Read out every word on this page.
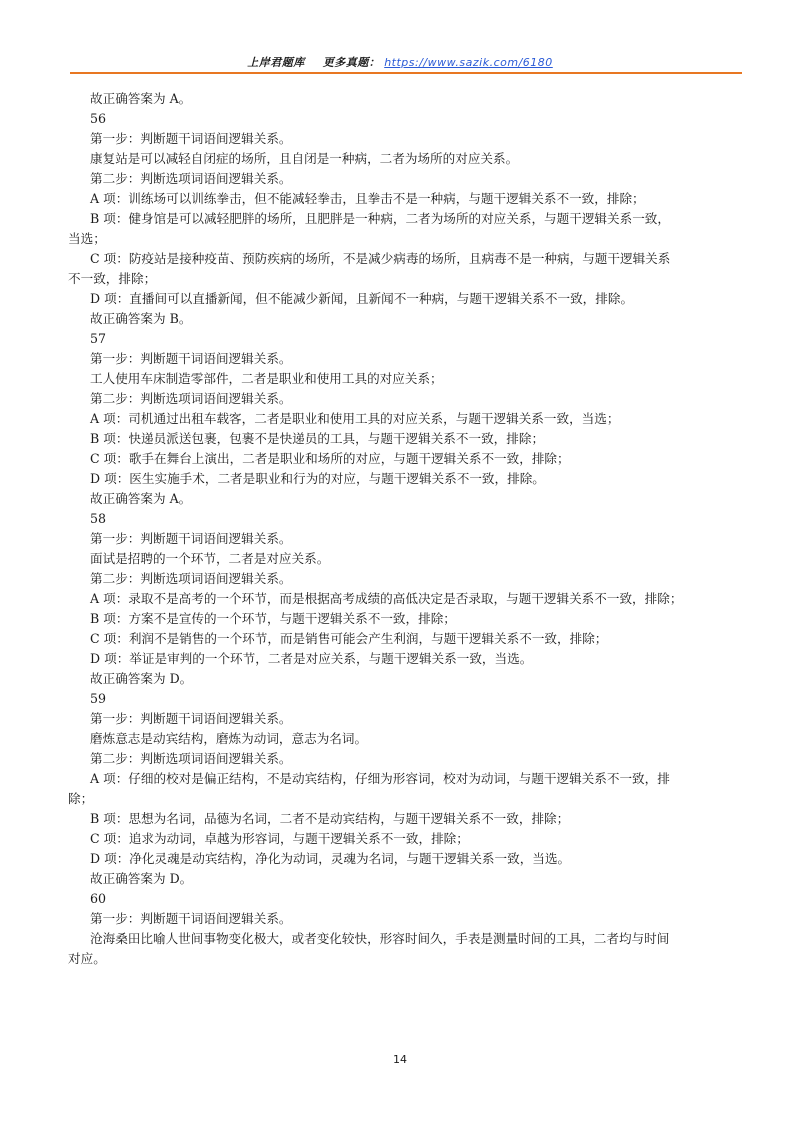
上岸君题库 更多真题： https://www.sazik.com/6180
故正确答案为 A。
56
第一步：判断题干词语间逻辑关系。
康复站是可以减轻自闭症的场所，且自闭是一种病，二者为场所的对应关系。
第二步：判断选项词语间逻辑关系。
A 项：训练场可以训练拳击，但不能减轻拳击，且拳击不是一种病，与题干逻辑关系不一致，排除；
B 项：健身馆是可以减轻肥胖的场所，且肥胖是一种病，二者为场所的对应关系，与题干逻辑关系一致，
当选；
C 项：防疫站是接种疫苗、预防疾病的场所，不是减少病毒的场所，且病毒不是一种病，与题干逻辑关系
不一致，排除；
D 项：直播间可以直播新闻，但不能减少新闻，且新闻不一种病，与题干逻辑关系不一致，排除。
故正确答案为 B。
57
第一步：判断题干词语间逻辑关系。
工人使用车床制造零部件，二者是职业和使用工具的对应关系；
第二步：判断选项词语间逻辑关系。
A 项：司机通过出租车载客，二者是职业和使用工具的对应关系，与题干逻辑关系一致，当选；
B 项：快递员派送包裹，包裹不是快递员的工具，与题干逻辑关系不一致，排除；
C 项：歌手在舞台上演出，二者是职业和场所的对应，与题干逻辑关系不一致，排除；
D 项：医生实施手术，二者是职业和行为的对应，与题干逻辑关系不一致，排除。
故正确答案为 A。
58
第一步：判断题干词语间逻辑关系。
面试是招聘的一个环节，二者是对应关系。
第二步：判断选项词语间逻辑关系。
A 项：录取不是高考的一个环节，而是根据高考成绩的高低决定是否录取，与题干逻辑关系不一致，排除；
B 项：方案不是宣传的一个环节，与题干逻辑关系不一致，排除；
C 项：利润不是销售的一个环节，而是销售可能会产生利润，与题干逻辑关系不一致，排除；
D 项：举证是审判的一个环节，二者是对应关系，与题干逻辑关系一致，当选。
故正确答案为 D。
59
第一步：判断题干词语间逻辑关系。
磨炼意志是动宾结构，磨炼为动词，意志为名词。
第二步：判断选项词语间逻辑关系。
A 项：仔细的校对是偏正结构，不是动宾结构，仔细为形容词，校对为动词，与题干逻辑关系不一致，排
除；
B 项：思想为名词，品德为名词，二者不是动宾结构，与题干逻辑关系不一致，排除；
C 项：追求为动词，卓越为形容词，与题干逻辑关系不一致，排除；
D 项：净化灵魂是动宾结构，净化为动词，灵魂为名词，与题干逻辑关系一致，当选。
故正确答案为 D。
60
第一步：判断题干词语间逻辑关系。
沧海桑田比喻人世间事物变化极大，或者变化较快，形容时间久，手表是测量时间的工具，二者均与时间
对应。
14
